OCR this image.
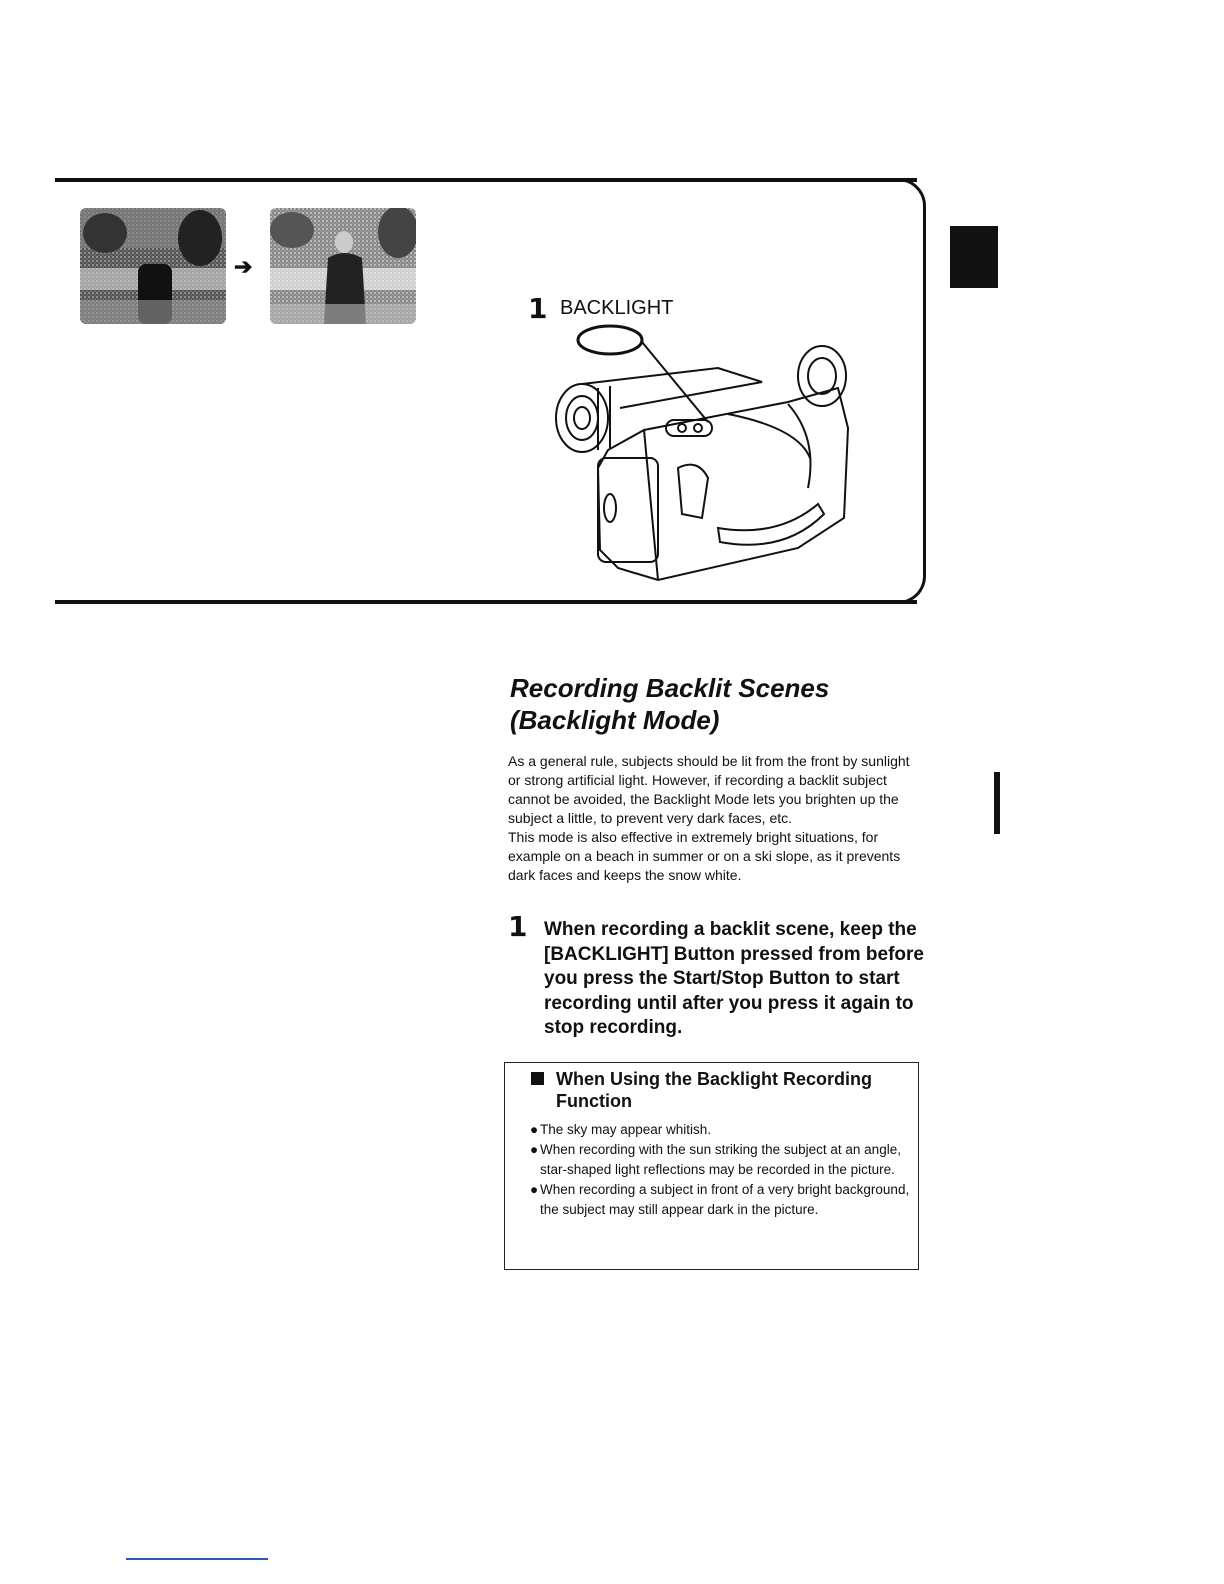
➔
1 BACKLIGHT
Recording Backlit Scenes
(Backlight Mode)

As a general rule, subjects should be lit from the front by sunlight or strong artificial light. However, if recording a backlit subject cannot be avoided, the Backlight Mode lets you brighten up the subject a little, to prevent very dark faces, etc.

This mode is also effective in extremely bright situations, for example on a beach in summer or on a ski slope, as it prevents dark faces and keeps the snow white.

1 When recording a backlit scene, keep the [BACKLIGHT] Button pressed from before you press the Start/Stop Button to start recording until after you press it again to stop recording.
When Using the Backlight Recording Function
● The sky may appear whitish.
● When recording with the sun striking the subject at an angle, star-shaped light reflections may be recorded in the picture.
● When recording a subject in front of a very bright background, the subject may still appear dark in the picture.
